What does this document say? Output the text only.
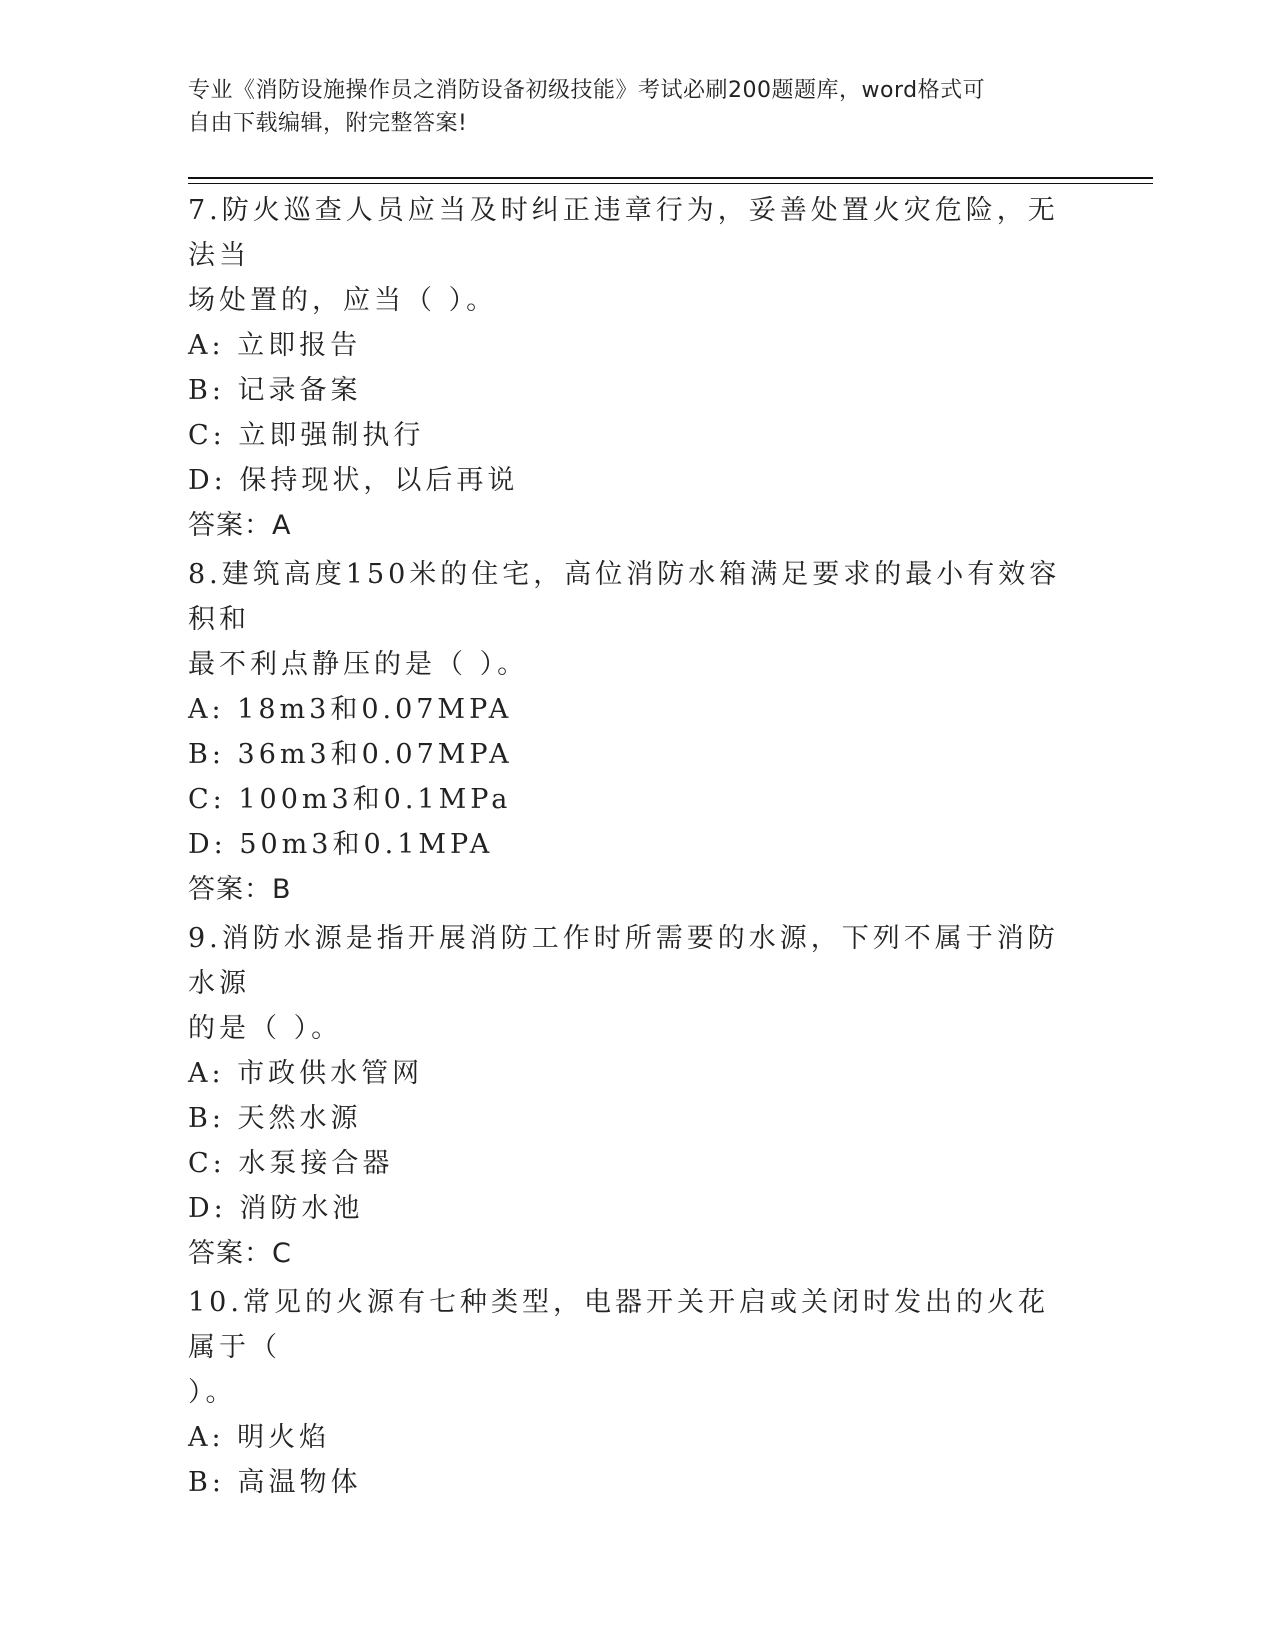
专业《消防设施操作员之消防设备初级技能》考试必刷200题题库，word格式可
自由下载编辑，附完整答案!

7.防火巡查人员应当及时纠正违章行为，妥善处置火灾危险，无法当

场处置的，应当（ ）。

A: 立即报告

B: 记录备案

C: 立即强制执行

D: 保持现状，以后再说

答案：A

8.建筑高度150米的住宅，高位消防水箱满足要求的最小有效容积和

最不利点静压的是（ ）。

A: 18m3和0.07MPA

B: 36m3和0.07MPA

C: 100m3和0.1MPa

D: 50m3和0.1MPA

答案：B

9.消防水源是指开展消防工作时所需要的水源，下列不属于消防水源

的是（ ）。

A: 市政供水管网

B: 天然水源

C: 水泵接合器

D: 消防水池

答案：C

10.常见的火源有七种类型，电器开关开启或关闭时发出的火花属于（

）。

A: 明火焰

B: 高温物体
